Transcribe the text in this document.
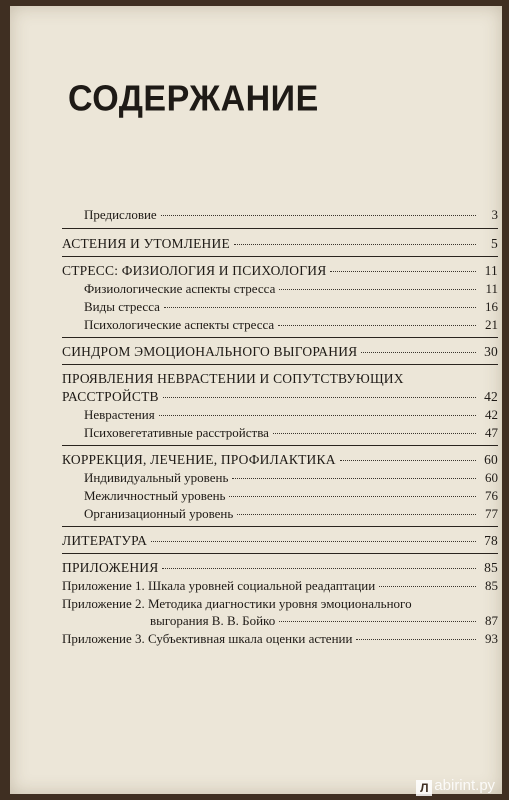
СОДЕРЖАНИЕ
Предисловие	3
АСТЕНИЯ И УТОМЛЕНИЕ	5
СТРЕСС: ФИЗИОЛОГИЯ И ПСИХОЛОГИЯ	11
Физиологические аспекты стресса	11
Виды стресса	16
Психологические аспекты стресса	21
СИНДРОМ ЭМОЦИОНАЛЬНОГО ВЫГОРАНИЯ	30
ПРОЯВЛЕНИЯ НЕВРАСТЕНИИ И СОПУТСТВУЮЩИХ
РАССТРОЙСТВ	42
Неврастения	42
Психовегетативные расстройства	47
КОРРЕКЦИЯ, ЛЕЧЕНИЕ, ПРОФИЛАКТИКА	60
Индивидуальный уровень	60
Межличностный уровень	76
Организационный уровень	77
ЛИТЕРАТУРА	78
ПРИЛОЖЕНИЯ	85
Приложение 1. Шкала уровней социальной реадаптации	85
Приложение 2. Методика диагностики уровня эмоционального
выгорания В. В. Бойко	87
Приложение 3. Субъективная шкала оценки астении	93
Л abirint.ру
